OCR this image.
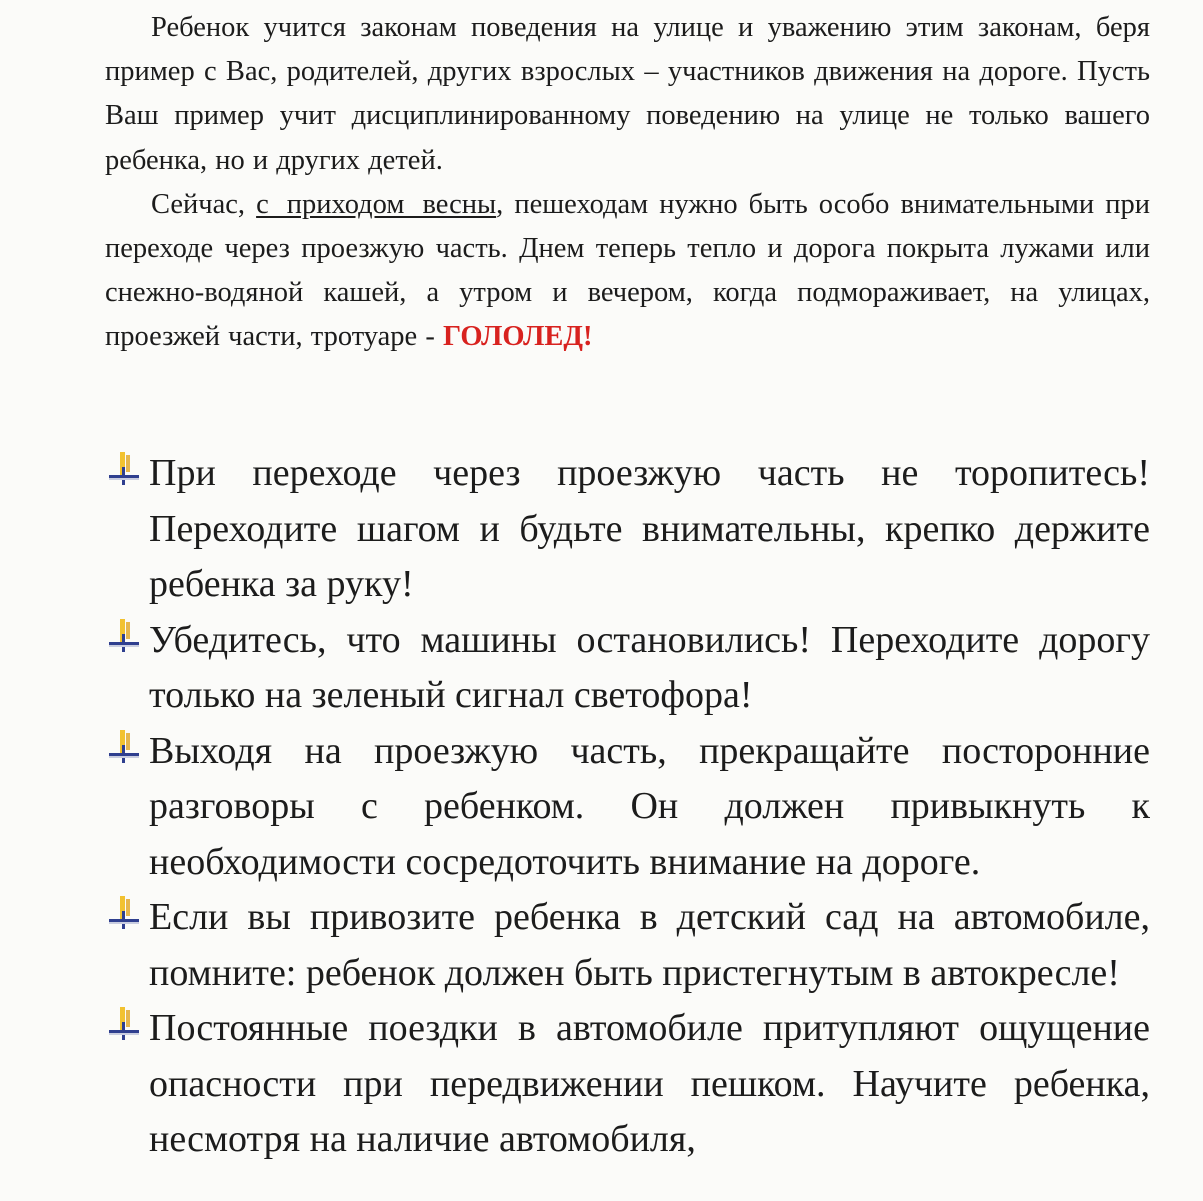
Ребенок учится законам поведения на улице и уважению этим законам, беря пример с Вас, родителей, других взрослых – участников движения на дороге. Пусть Ваш пример учит дисциплинированному поведению на улице не только вашего ребенка, но и других детей.

Сейчас, с приходом весны, пешеходам нужно быть особо внимательными при переходе через проезжую часть. Днем теперь тепло и дорога покрыта лужами или снежно-водяной кашей, а утром и вечером, когда подмораживает, на улицах, проезжей части, тротуаре - ГОЛОЛЕД!

При переходе через проезжую часть не торопитесь! Переходите шагом и будьте внимательны, крепко держите ребенка за руку!
Убедитесь, что машины остановились! Переходите дорогу только на зеленый сигнал светофора!
Выходя на проезжую часть, прекращайте посторонние разговоры с ребенком. Он должен привыкнуть к необходимости сосредоточить внимание на дороге.
Если вы привозите ребенка в детский сад на автомобиле, помните: ребенок должен быть пристегнутым в автокресле!
Постоянные поездки в автомобиле притупляют ощущение опасности при передвижении пешком. Научите ребенка, несмотря на наличие автомобиля,
